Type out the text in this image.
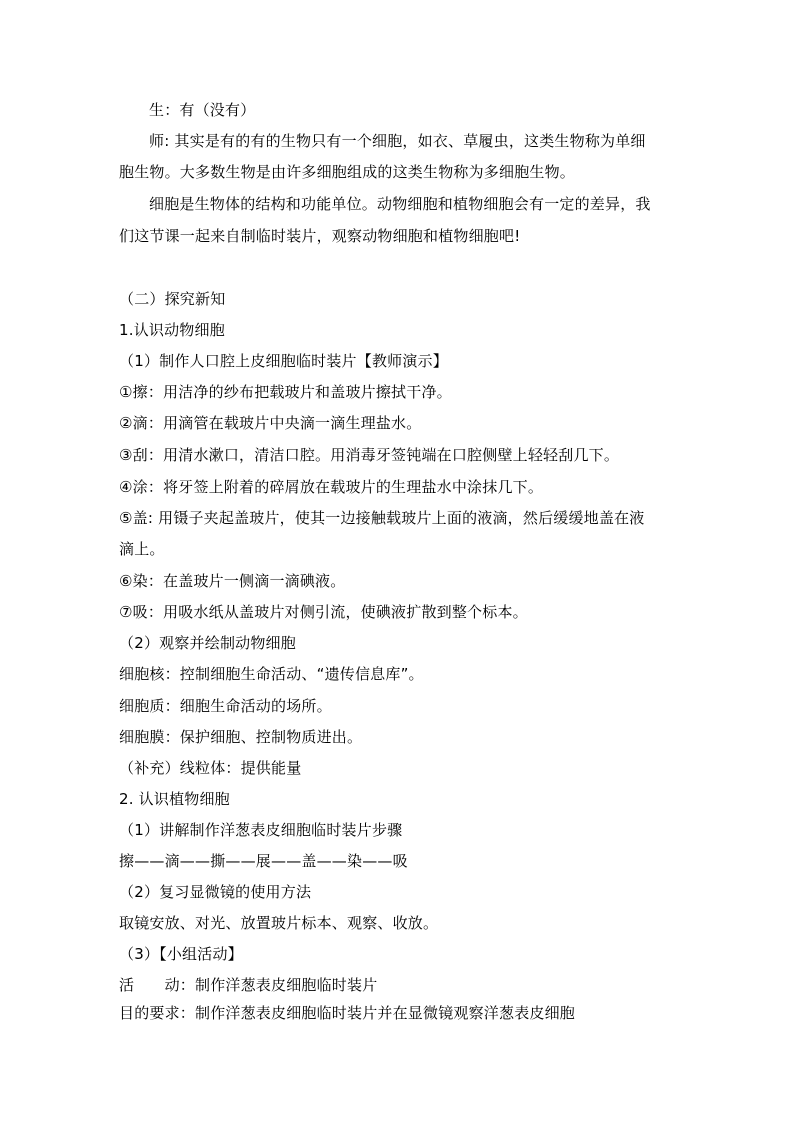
生：有（没有）
师: 其实是有的有的生物只有一个细胞，如衣、草履虫，这类生物称为单细
胞生物。大多数生物是由许多细胞组成的这类生物称为多细胞生物。
细胞是生物体的结构和功能单位。动物细胞和植物细胞会有一定的差异，我
们这节课一起来自制临时装片，观察动物细胞和植物细胞吧!
（二）探究新知
1.认识动物细胞
（1）制作人口腔上皮细胞临时装片【教师演示】
①擦：用洁净的纱布把载玻片和盖玻片擦拭干净。
②滴：用滴管在载玻片中央滴一滴生理盐水。
③刮：用清水漱口，清洁口腔。用消毒牙签钝端在口腔侧壁上轻轻刮几下。
④涂：将牙签上附着的碎屑放在载玻片的生理盐水中涂抹几下。
⑤盖: 用镊子夹起盖玻片，使其一边接触载玻片上面的液滴，然后缓缓地盖在液
滴上。
⑥染：在盖玻片一侧滴一滴碘液。
⑦吸：用吸水纸从盖玻片对侧引流，使碘液扩散到整个标本。
（2）观察并绘制动物细胞
细胞核：控制细胞生命活动、“遗传信息库”。
细胞质：细胞生命活动的场所。
细胞膜：保护细胞、控制物质进出。
（补充）线粒体：提供能量
2. 认识植物细胞
（1）讲解制作洋葱表皮细胞临时装片步骤
擦——滴——撕——展——盖——染——吸
（2）复习显微镜的使用方法
取镜安放、对光、放置玻片标本、观察、收放。
（3）【小组活动】
活　　动：制作洋葱表皮细胞临时装片
目的要求：制作洋葱表皮细胞临时装片并在显微镜观察洋葱表皮细胞
